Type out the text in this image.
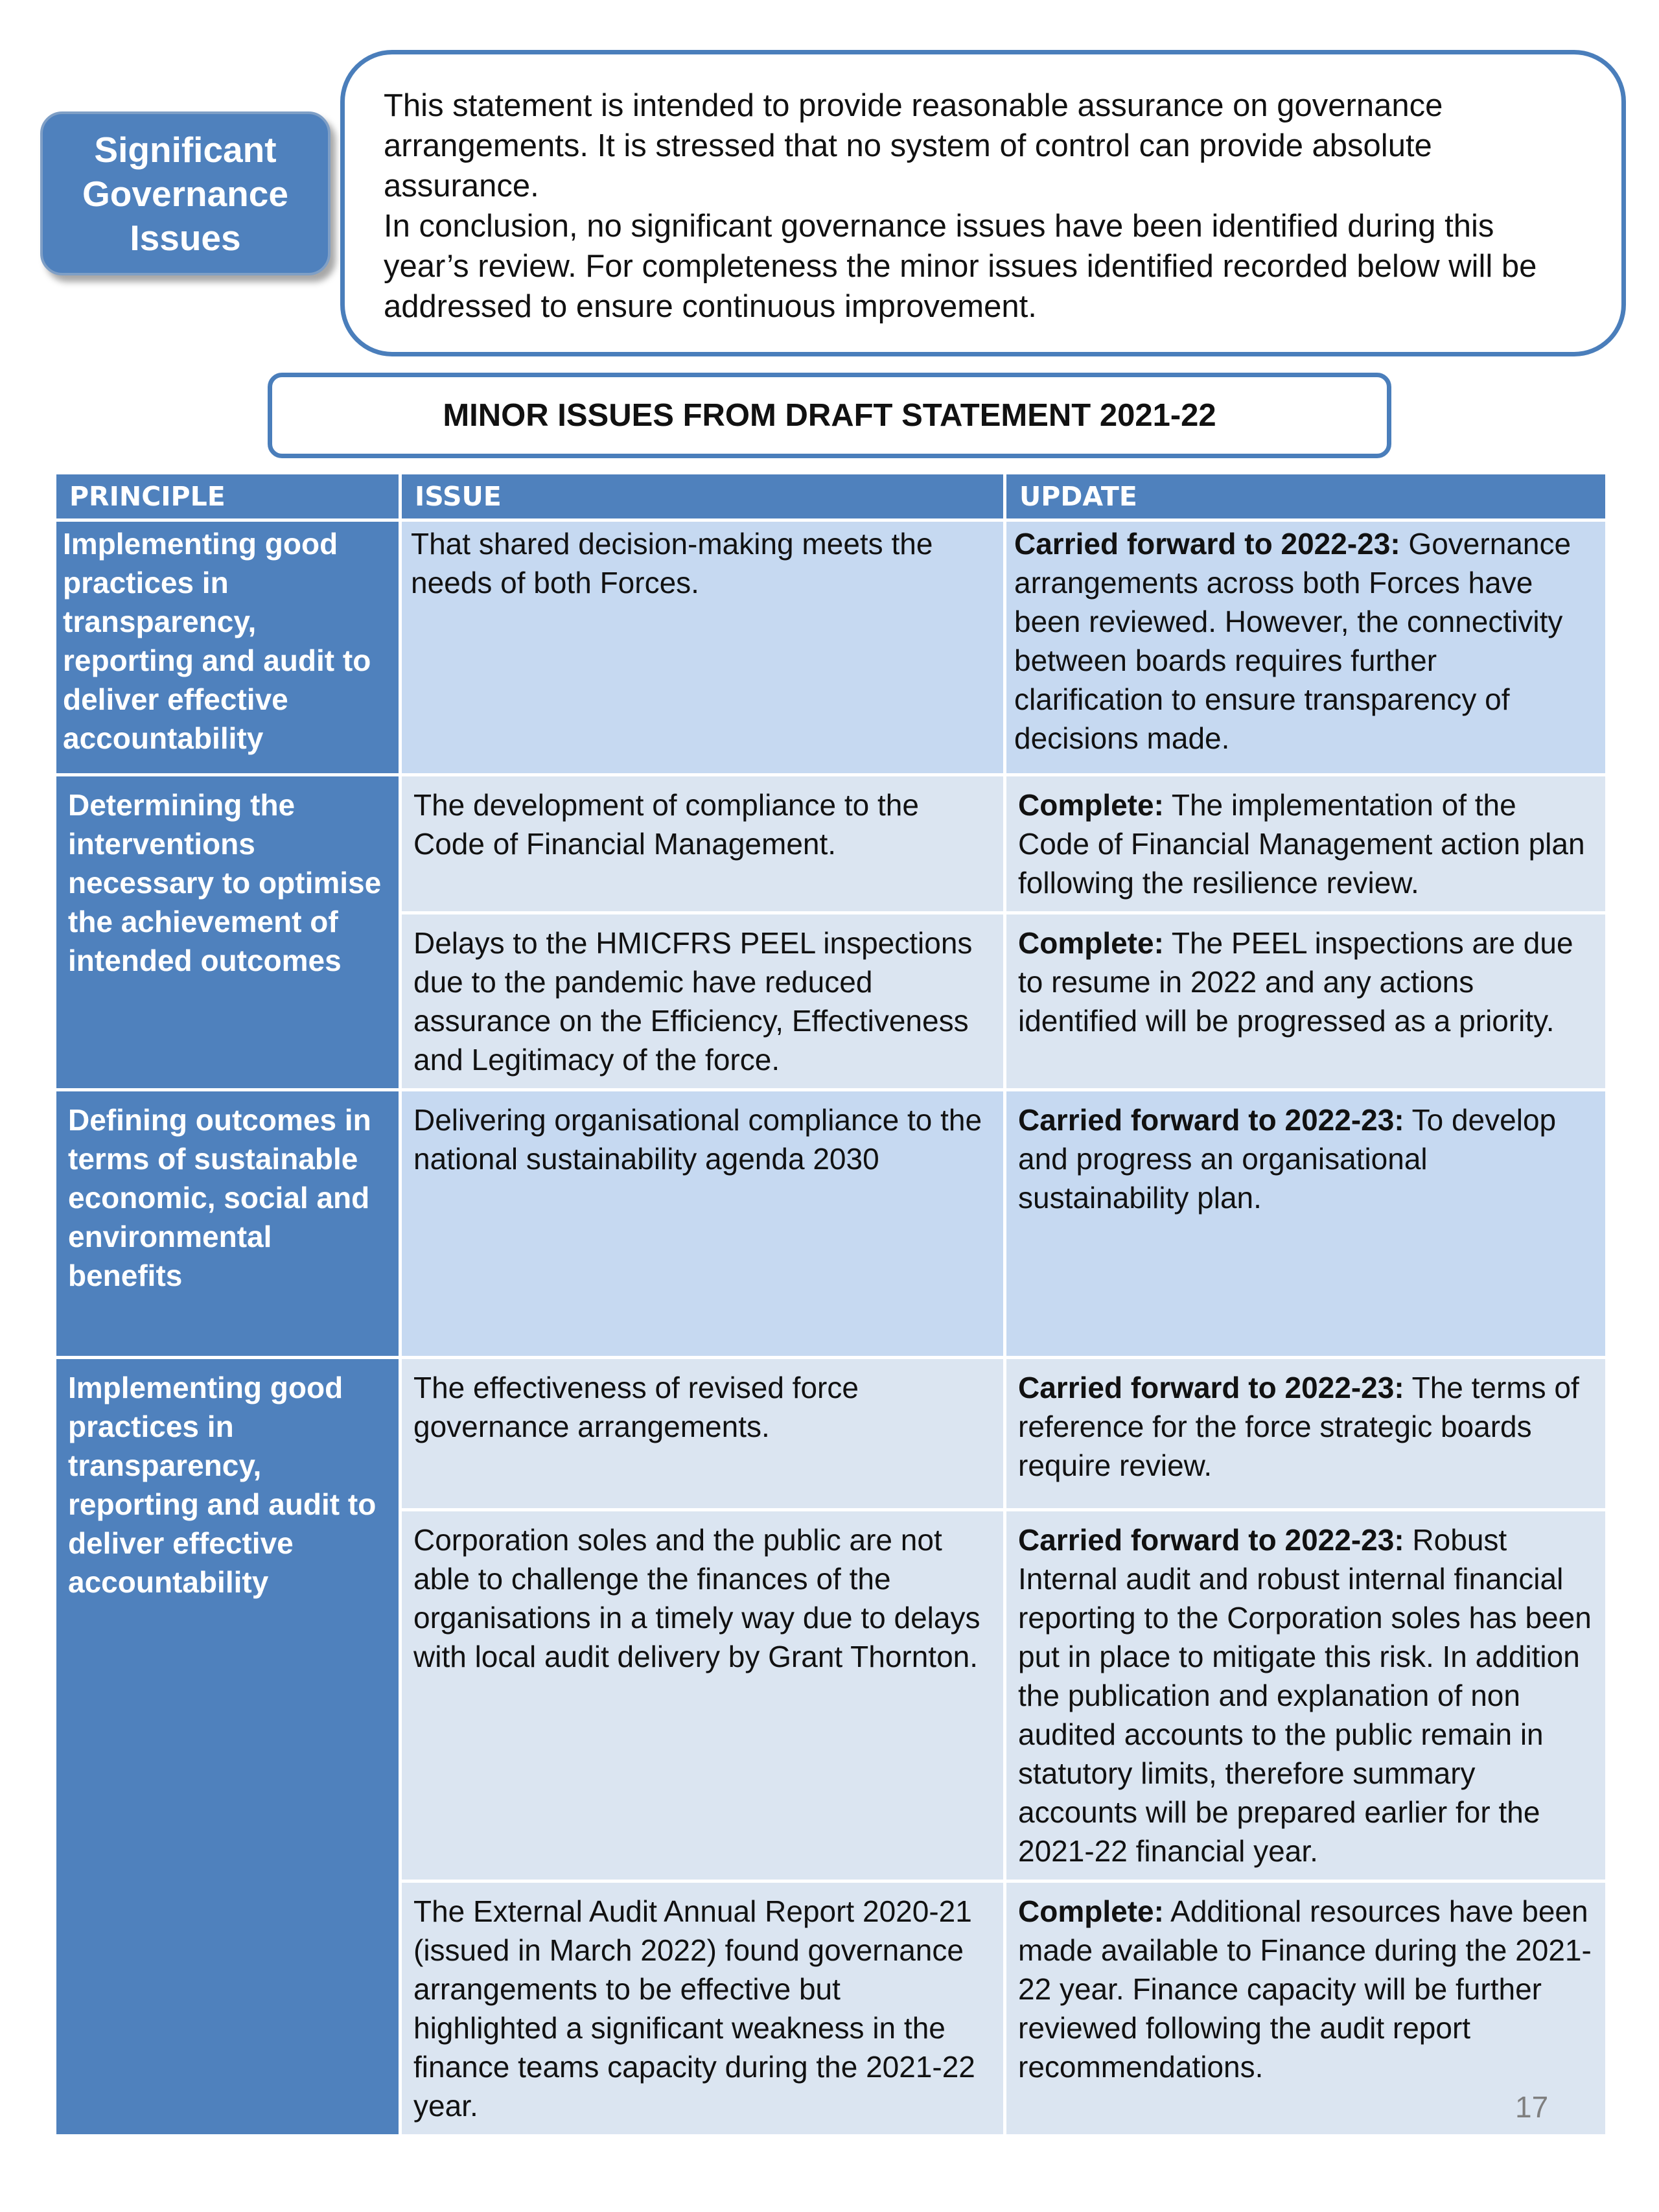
Significant
Governance
Issues

This statement is intended to provide reasonable assurance on governance arrangements. It is stressed that no system of control can provide absolute assurance.

In conclusion, no significant governance issues have been identified during this year’s review. For completeness the minor issues identified recorded below will be addressed to ensure continuous improvement.

MINOR ISSUES FROM DRAFT STATEMENT 2021-22
PRINCIPLE	ISSUE	UPDATE
Implementing good practices in transparency, reporting and audit to deliver effective accountability	That shared decision-making meets the needs of both Forces.	Carried forward to 2022-23: Governance arrangements across both Forces have been reviewed. However, the connectivity between boards requires further clarification to ensure transparency of decisions made.
Determining the interventions necessary to optimise the achievement of intended outcomes	The development of compliance to the Code of Financial Management.	Complete: The implementation of the Code of Financial Management action plan following the resilience review.
	Delays to the HMICFRS PEEL inspections due to the pandemic have reduced assurance on the Efficiency, Effectiveness and Legitimacy of the force.	Complete: The PEEL inspections are due to resume in 2022 and any actions identified will be progressed as a priority.
Defining outcomes in terms of sustainable economic, social and environmental benefits	Delivering organisational compliance to the national sustainability agenda 2030	Carried forward to 2022-23: To develop and progress an organisational sustainability plan.
Implementing good practices in transparency, reporting and audit to deliver effective accountability	The effectiveness of revised force governance arrangements.	Carried forward to 2022-23: The terms of reference for the force strategic boards require review.
	Corporation soles and the public are not able to challenge the finances of the organisations in a timely way due to delays with local audit delivery by Grant Thornton.	Carried forward to 2022-23: Robust Internal audit and robust internal financial reporting to the Corporation soles has been put in place to mitigate this risk. In addition the publication and explanation of non audited accounts to the public remain in statutory limits, therefore summary accounts will be prepared earlier for the 2021-22 financial year.
	The External Audit Annual Report 2020-21 (issued in March 2022) found governance arrangements to be effective but highlighted a significant weakness in the finance teams capacity during the 2021-22 year.	Complete: Additional resources have been made available to Finance during the 2021-22 year. Finance capacity will be further reviewed following the audit report recommendations.
17
